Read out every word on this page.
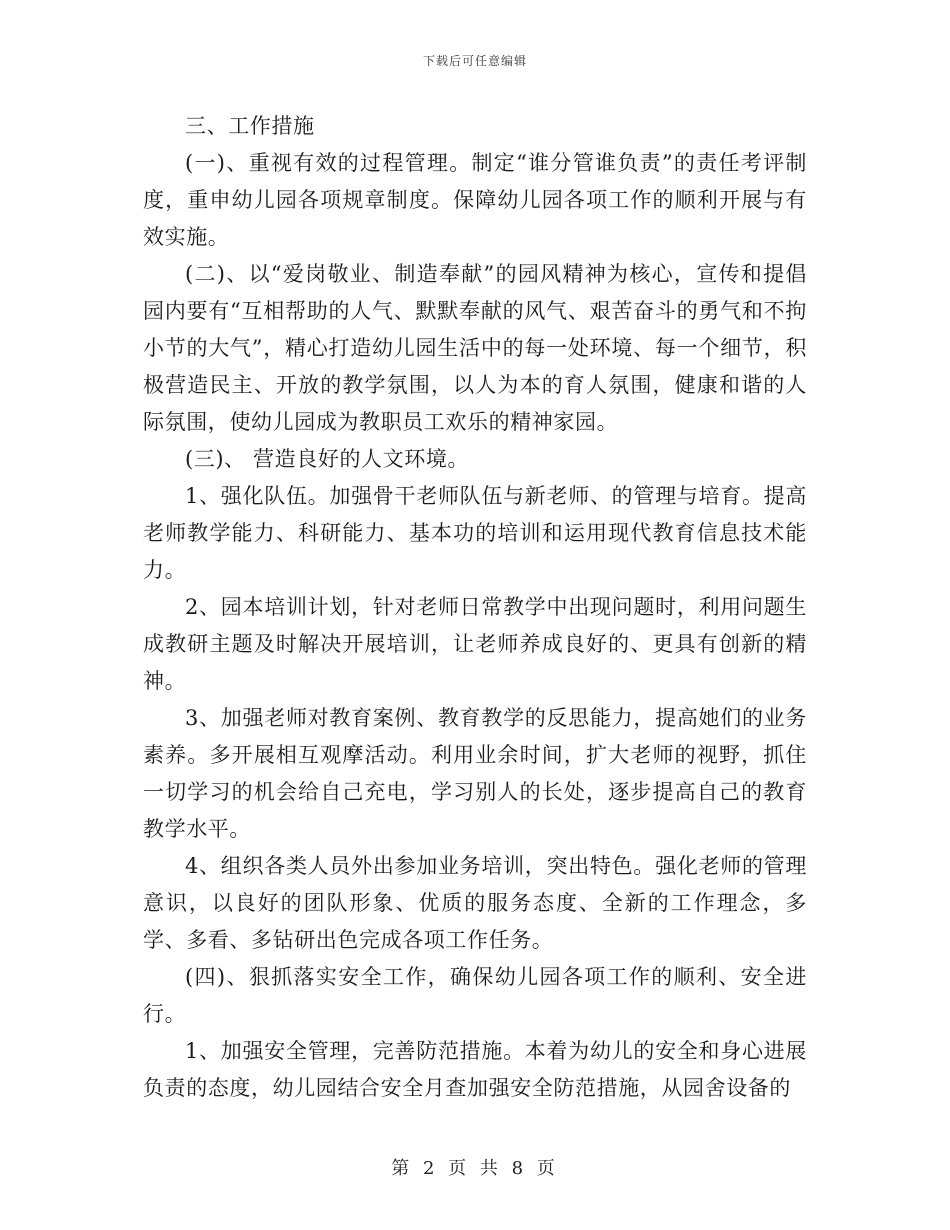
下载后可任意编辑

三、工作措施

(一)、重视有效的过程管理。制定“谁分管谁负责”的责任考评制度，重申幼儿园各项规章制度。保障幼儿园各项工作的顺利开展与有效实施。

(二)、以“爱岗敬业、制造奉献”的园风精神为核心，宣传和提倡园内要有“互相帮助的人气、默默奉献的风气、艰苦奋斗的勇气和不拘小节的大气”，精心打造幼儿园生活中的每一处环境、每一个细节，积极营造民主、开放的教学氛围，以人为本的育人氛围，健康和谐的人际氛围，使幼儿园成为教职员工欢乐的精神家园。

(三)、 营造良好的人文环境。

1、强化队伍。加强骨干老师队伍与新老师、的管理与培育。提高老师教学能力、科研能力、基本功的培训和运用现代教育信息技术能力。

2、园本培训计划，针对老师日常教学中出现问题时，利用问题生成教研主题及时解决开展培训，让老师养成良好的、更具有创新的精神。

3、加强老师对教育案例、教育教学的反思能力，提高她们的业务素养。多开展相互观摩活动。利用业余时间，扩大老师的视野，抓住一切学习的机会给自己充电，学习别人的长处，逐步提高自己的教育教学水平。

4、组织各类人员外出参加业务培训，突出特色。强化老师的管理意识，以良好的团队形象、优质的服务态度、全新的工作理念，多学、多看、多钻研出色完成各项工作任务。

(四)、狠抓落实安全工作，确保幼儿园各项工作的顺利、安全进行。

1、加强安全管理，完善防范措施。本着为幼儿的安全和身心进展负责的态度，幼儿园结合安全月查加强安全防范措施，从园舍设备的

第 2 页 共 8 页
